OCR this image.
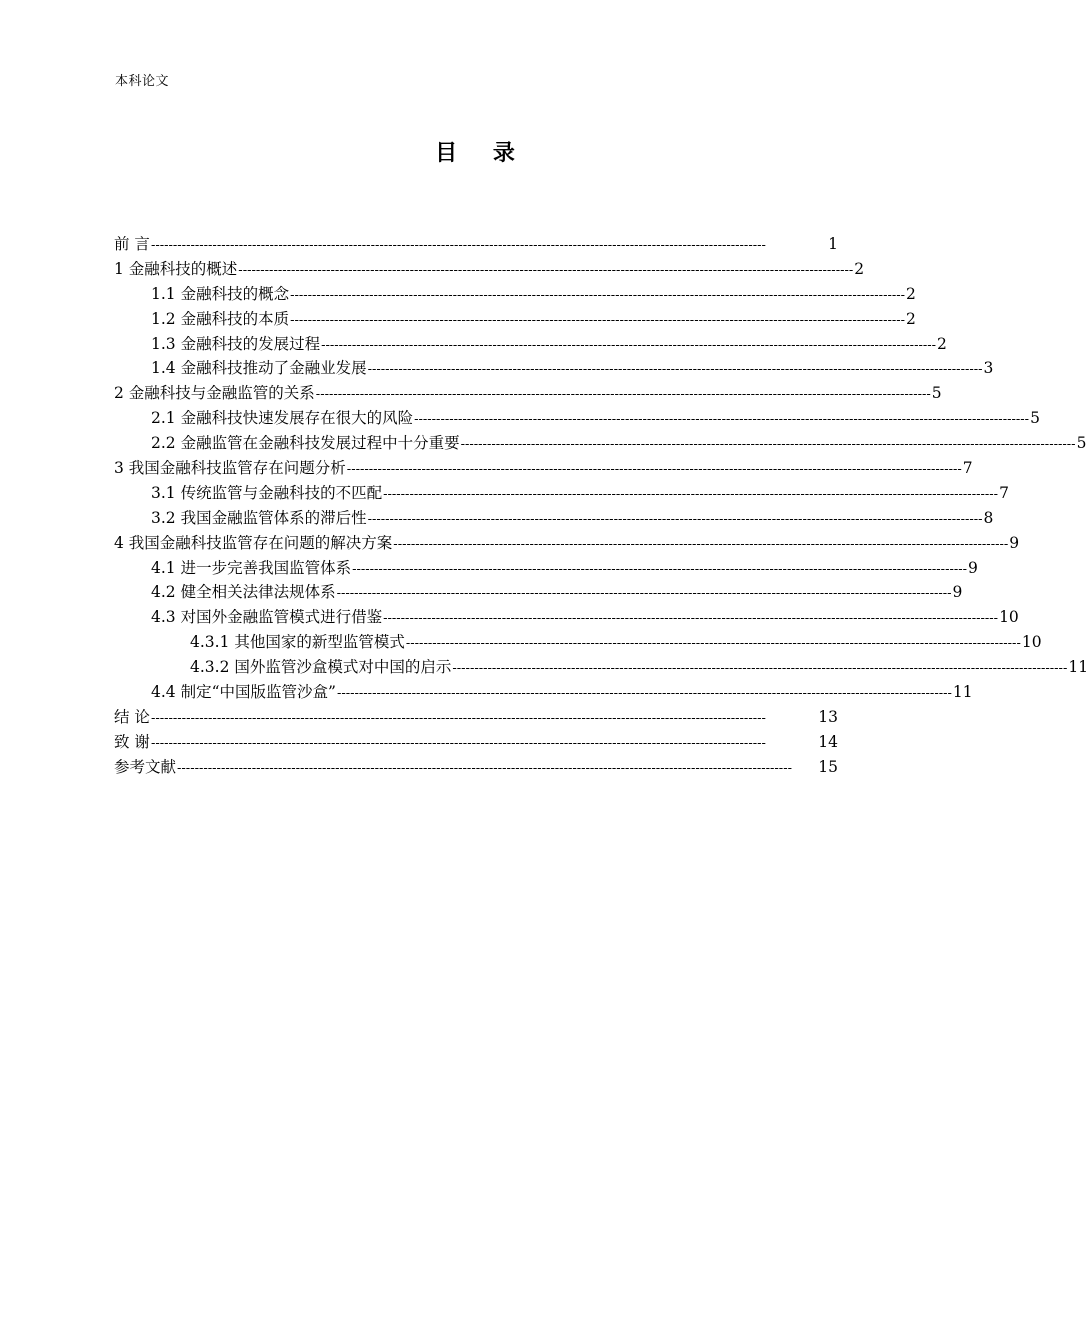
本科论文
目 录
前 言 --------------------------------------------------------------------------------------------------------------------------------------------	1
1 金融科技的概述 -------------------------------------------------------------------------------------------------------------------------------------------- 2
1.1 金融科技的概念 -------------------------------------------------------------------------------------------------------------------------------------------- 2
1.2 金融科技的本质 -------------------------------------------------------------------------------------------------------------------------------------------- 2
1.3 金融科技的发展过程 -------------------------------------------------------------------------------------------------------------------------------------------- 2
1.4 金融科技推动了金融业发展 -------------------------------------------------------------------------------------------------------------------------------------------- 3
2 金融科技与金融监管的关系 -------------------------------------------------------------------------------------------------------------------------------------------- 5
2.1 金融科技快速发展存在很大的风险 -------------------------------------------------------------------------------------------------------------------------------------------- 5
2.2 金融监管在金融科技发展过程中十分重要 -------------------------------------------------------------------------------------------------------------------------------------------- 5
3 我国金融科技监管存在问题分析 -------------------------------------------------------------------------------------------------------------------------------------------- 7
3.1 传统监管与金融科技的不匹配 -------------------------------------------------------------------------------------------------------------------------------------------- 7
3.2 我国金融监管体系的滞后性 -------------------------------------------------------------------------------------------------------------------------------------------- 8
4 我国金融科技监管存在问题的解决方案 -------------------------------------------------------------------------------------------------------------------------------------------- 9
4.1 进一步完善我国监管体系 -------------------------------------------------------------------------------------------------------------------------------------------- 9
4.2 健全相关法律法规体系 -------------------------------------------------------------------------------------------------------------------------------------------- 9
4.3 对国外金融监管模式进行借鉴 -------------------------------------------------------------------------------------------------------------------------------------------- 10
4.3.1 其他国家的新型监管模式 -------------------------------------------------------------------------------------------------------------------------------------------- 10
4.3.2 国外监管沙盒模式对中国的启示 -------------------------------------------------------------------------------------------------------------------------------------------- 11
4.4 制定“中国版监管沙盒” -------------------------------------------------------------------------------------------------------------------------------------------- 11
结 论 --------------------------------------------------------------------------------------------------------------------------------------------	13
致 谢 --------------------------------------------------------------------------------------------------------------------------------------------	14
参考文献 --------------------------------------------------------------------------------------------------------------------------------------------	15
